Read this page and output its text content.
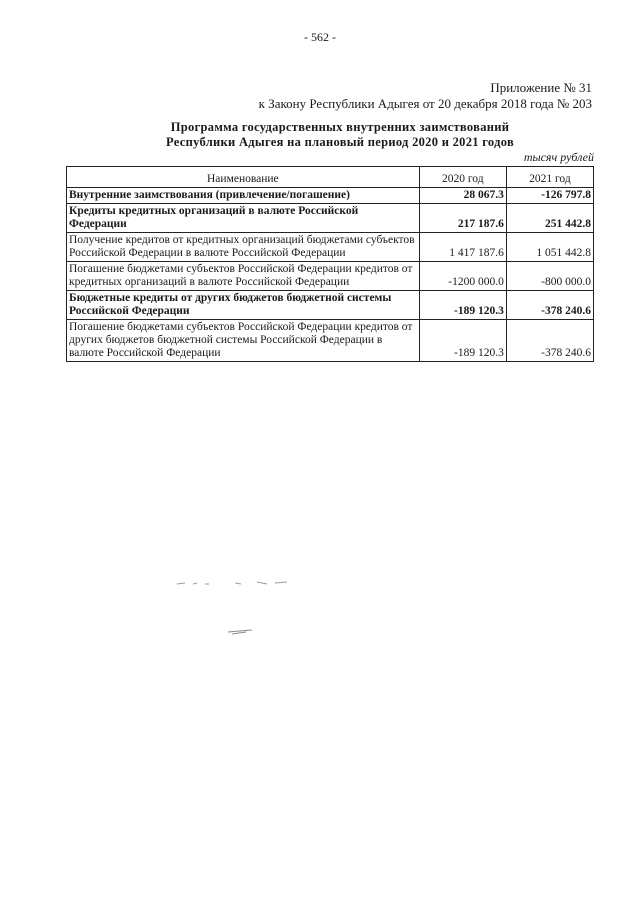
- 562 -
Приложение № 31
к Закону Республики Адыгея от 20 декабря 2018 года № 203
Программа государственных внутренних заимствований
Республики Адыгея на плановый период 2020 и 2021 годов
тысяч рублей
Наименование	2020 год	2021 год
Внутренние заимствования (привлечение/погашение)	28 067.3	-126 797.8
Кредиты кредитных организаций в валюте Российской Федерации	217 187.6	251 442.8
Получение кредитов от кредитных организаций бюджетами субъектов Российской Федерации в валюте Российской Федерации	1 417 187.6	1 051 442.8
Погашение бюджетами субъектов Российской Федерации кредитов от кредитных организаций в валюте Российской Федерации	-1200 000.0	-800 000.0
Бюджетные кредиты от других бюджетов бюджетной системы Российской Федерации	-189 120.3	-378 240.6
Погашение бюджетами субъектов Российской Федерации кредитов от других бюджетов бюджетной системы Российской Федерации в валюте Российской Федерации	-189 120.3	-378 240.6
